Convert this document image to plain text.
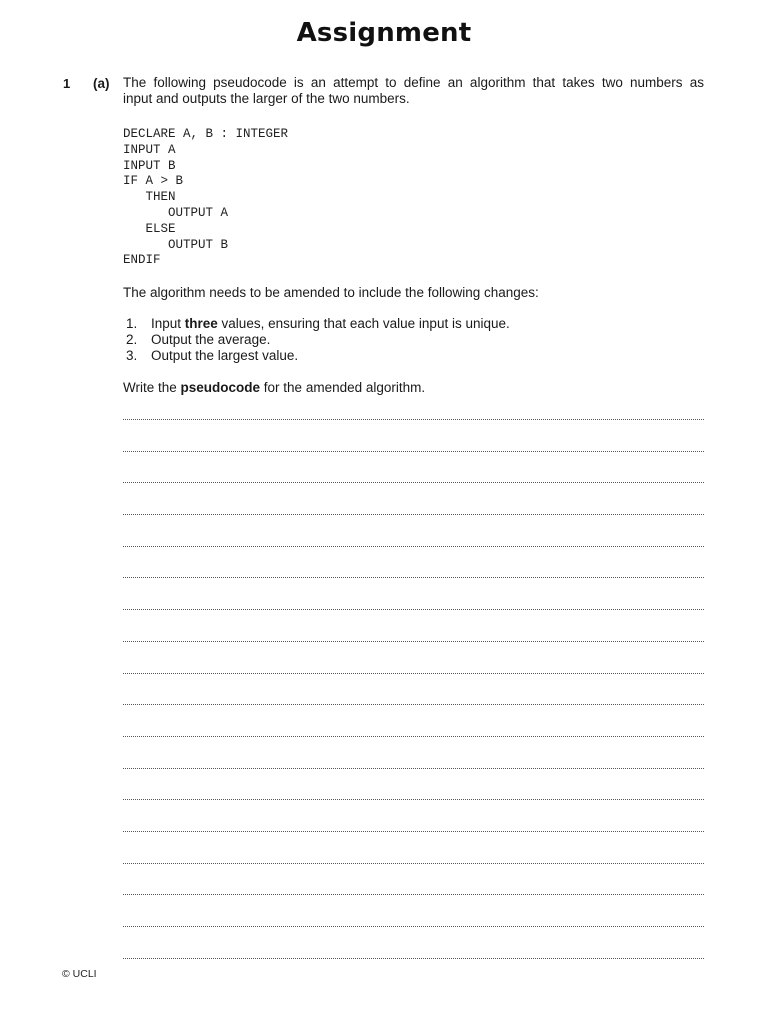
Assignment
1 (a) The following pseudocode is an attempt to define an algorithm that takes two numbers as

input and outputs the larger of the two numbers.

DECLARE A, B : INTEGER
INPUT A
INPUT B
IF A > B
THEN
OUTPUT A
ELSE
OUTPUT B
ENDIF

The algorithm needs to be amended to include the following changes:

1.	Input three values, ensuring that each value input is unique.
2.	Output the average.
3.	Output the largest value.

Write the pseudocode for the amended algorithm.

© UCLI
